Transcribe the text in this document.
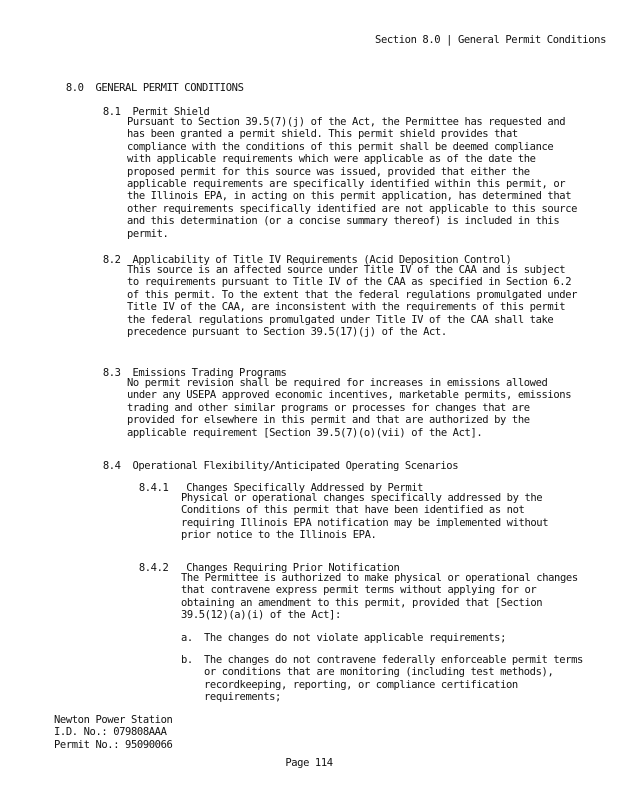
Section 8.0 | General Permit Conditions

8.0 GENERAL PERMIT CONDITIONS

8.1 Permit Shield

Pursuant to Section 39.5(7)(j) of the Act, the Permittee has requested and has been granted a permit shield. This permit shield provides that compliance with the conditions of this permit shall be deemed compliance with applicable requirements which were applicable as of the date the proposed permit for this source was issued, provided that either the applicable requirements are specifically identified within this permit, or the Illinois EPA, in acting on this permit application, has determined that other requirements specifically identified are not applicable to this source and this determination (or a concise summary thereof) is included in this permit.

8.2 Applicability of Title IV Requirements (Acid Deposition Control)

This source is an affected source under Title IV of the CAA and is subject to requirements pursuant to Title IV of the CAA as specified in Section 6.2 of this permit. To the extent that the federal regulations promulgated under Title IV of the CAA, are inconsistent with the requirements of this permit the federal regulations promulgated under Title IV of the CAA shall take precedence pursuant to Section 39.5(17)(j) of the Act.

8.3 Emissions Trading Programs

No permit revision shall be required for increases in emissions allowed under any USEPA approved economic incentives, marketable permits, emissions trading and other similar programs or processes for changes that are provided for elsewhere in this permit and that are authorized by the applicable requirement [Section 39.5(7)(o)(vii) of the Act].

8.4 Operational Flexibility/Anticipated Operating Scenarios

8.4.1 Changes Specifically Addressed by Permit

Physical or operational changes specifically addressed by the Conditions of this permit that have been identified as not requiring Illinois EPA notification may be implemented without prior notice to the Illinois EPA.

8.4.2 Changes Requiring Prior Notification

The Permittee is authorized to make physical or operational changes that contravene express permit terms without applying for or obtaining an amendment to this permit, provided that [Section 39.5(12)(a)(i) of the Act]:
a. The changes do not violate applicable requirements;
b. The changes do not contravene federally enforceable permit terms or conditions that are monitoring (including test methods), recordkeeping, reporting, or compliance certification requirements;
Newton Power Station
I.D. No.: 079808AAA
Permit No.: 95090066
Page 114
